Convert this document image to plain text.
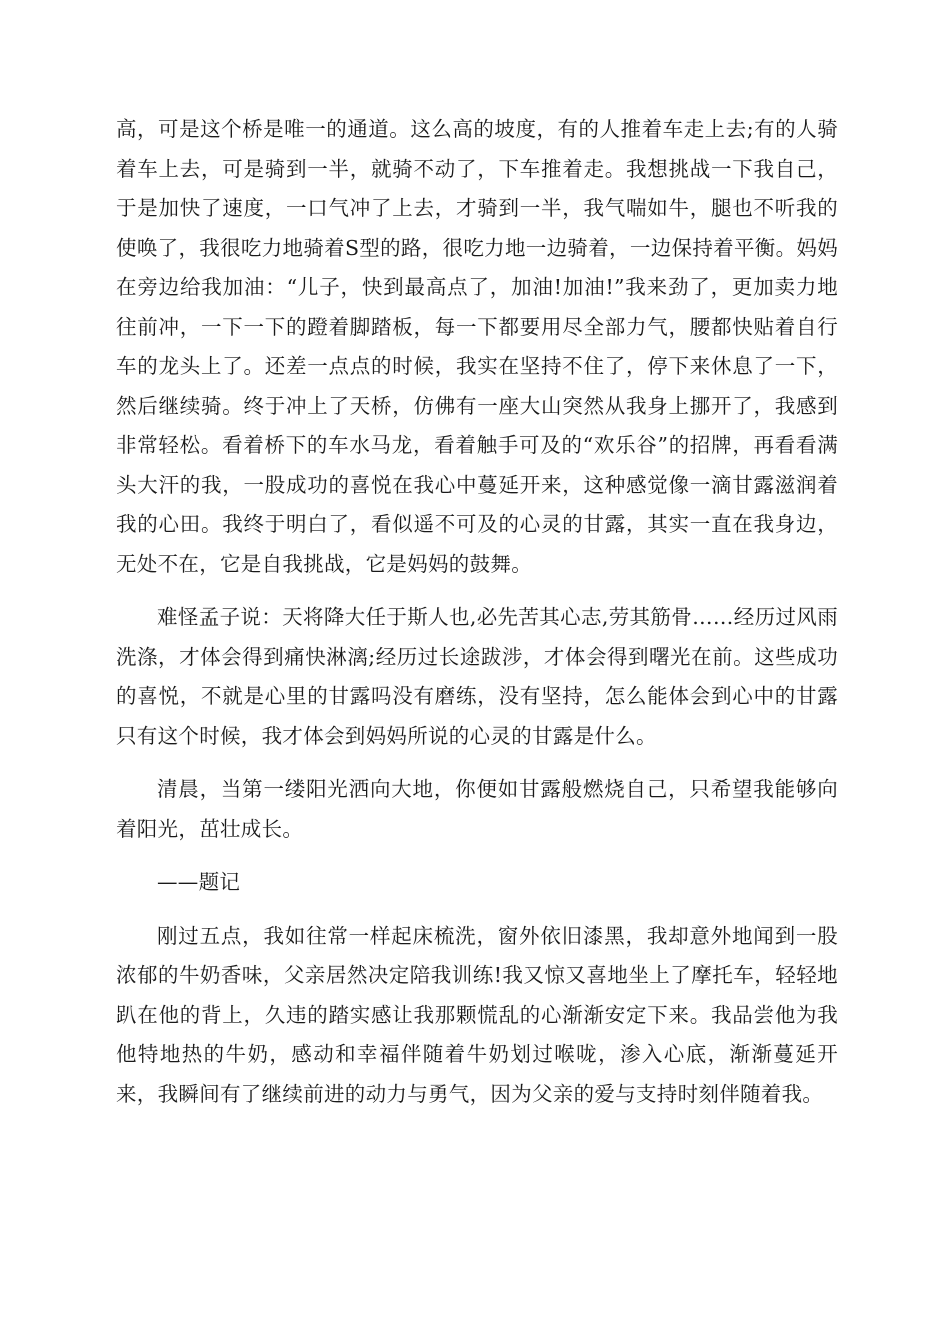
高，可是这个桥是唯一的通道。这么高的坡度，有的人推着车走上去;有的人骑着车上去，可是骑到一半，就骑不动了，下车推着走。我想挑战一下我自己，于是加快了速度，一口气冲了上去，才骑到一半，我气喘如牛，腿也不听我的使唤了，我很吃力地骑着S型的路，很吃力地一边骑着，一边保持着平衡。妈妈在旁边给我加油：“儿子，快到最高点了，加油!加油!”我来劲了，更加卖力地往前冲，一下一下的蹬着脚踏板，每一下都要用尽全部力气，腰都快贴着自行车的龙头上了。还差一点点的时候，我实在坚持不住了，停下来休息了一下，然后继续骑。终于冲上了天桥，仿佛有一座大山突然从我身上挪开了，我感到非常轻松。看着桥下的车水马龙，看着触手可及的“欢乐谷”的招牌，再看看满头大汗的我，一股成功的喜悦在我心中蔓延开来，这种感觉像一滴甘露滋润着我的心田。我终于明白了，看似遥不可及的心灵的甘露，其实一直在我身边，无处不在，它是自我挑战，它是妈妈的鼓舞。

难怪孟子说：天将降大任于斯人也,必先苦其心志,劳其筋骨……经历过风雨洗涤，才体会得到痛快淋漓;经历过长途跋涉，才体会得到曙光在前。这些成功的喜悦，不就是心里的甘露吗没有磨练，没有坚持，怎么能体会到心中的甘露只有这个时候，我才体会到妈妈所说的心灵的甘露是什么。

清晨，当第一缕阳光洒向大地，你便如甘露般燃烧自己，只希望我能够向着阳光，茁壮成长。

——题记

刚过五点，我如往常一样起床梳洗，窗外依旧漆黑，我却意外地闻到一股浓郁的牛奶香味，父亲居然决定陪我训练!我又惊又喜地坐上了摩托车，轻轻地趴在他的背上，久违的踏实感让我那颗慌乱的心渐渐安定下来。我品尝他为我他特地热的牛奶，感动和幸福伴随着牛奶划过喉咙，渗入心底，渐渐蔓延开来，我瞬间有了继续前进的动力与勇气，因为父亲的爱与支持时刻伴随着我。
